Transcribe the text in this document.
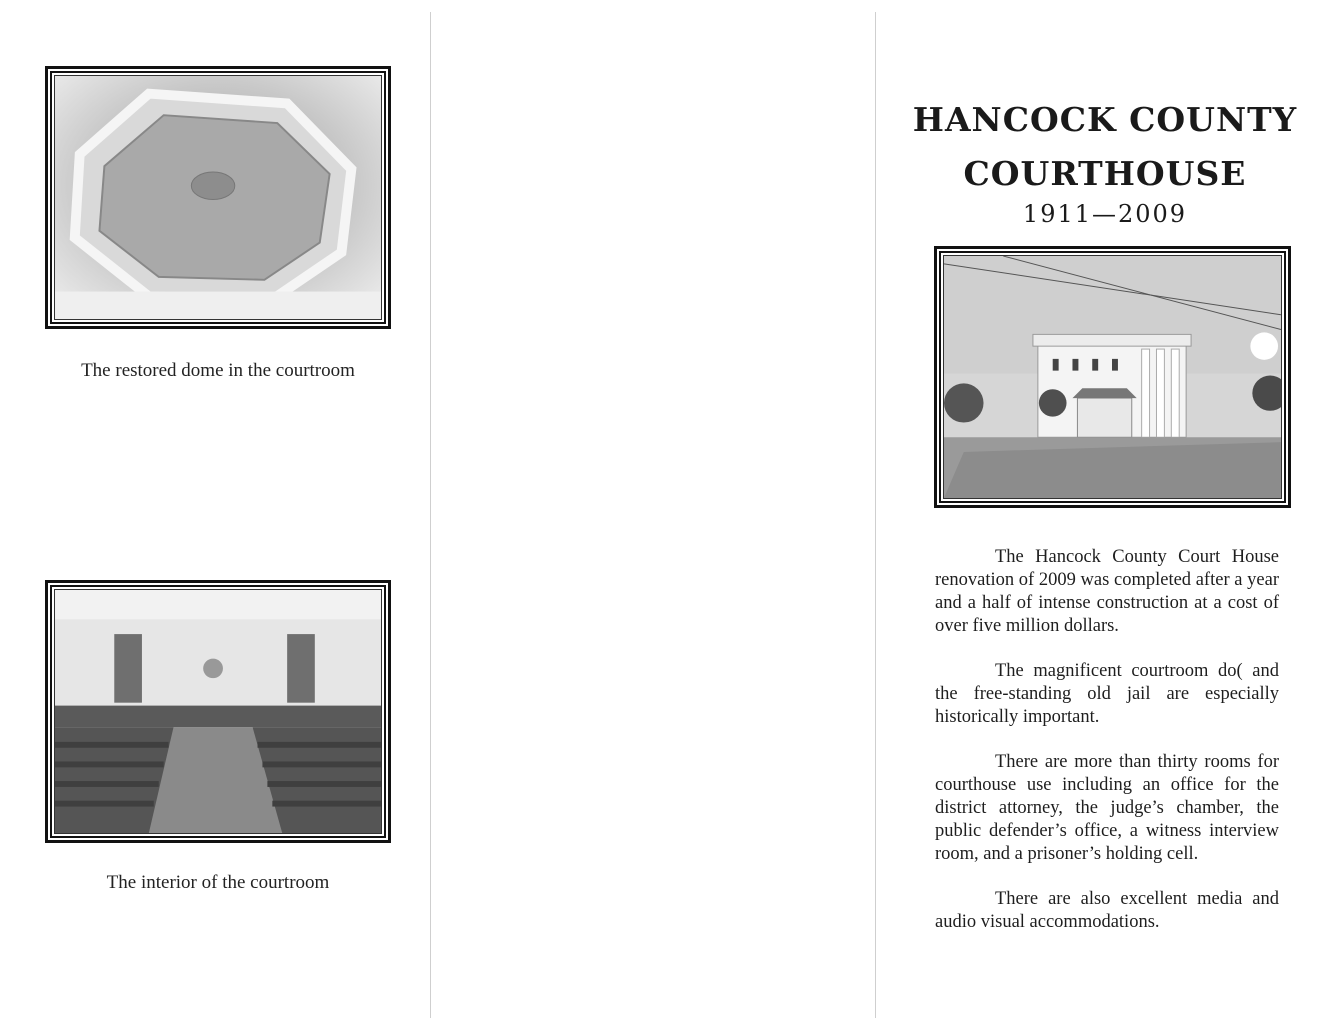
The restored dome in the courtroom
The interior of the courtroom
HANCOCK COUNTY
COURTHOUSE
1911—2009

The Hancock County Court House renovation of 2009 was completed after a year and a half of intense construction at a cost of over five million dollars.

The magnificent courtroom do( and the free-standing old jail are especially historically important.

There are more than thirty rooms for courthouse use including an office for the district attorney, the judge’s chamber, the public defender’s office, a witness interview room, and a prisoner’s holding cell.

There are also excellent media and audio visual accommodations.
